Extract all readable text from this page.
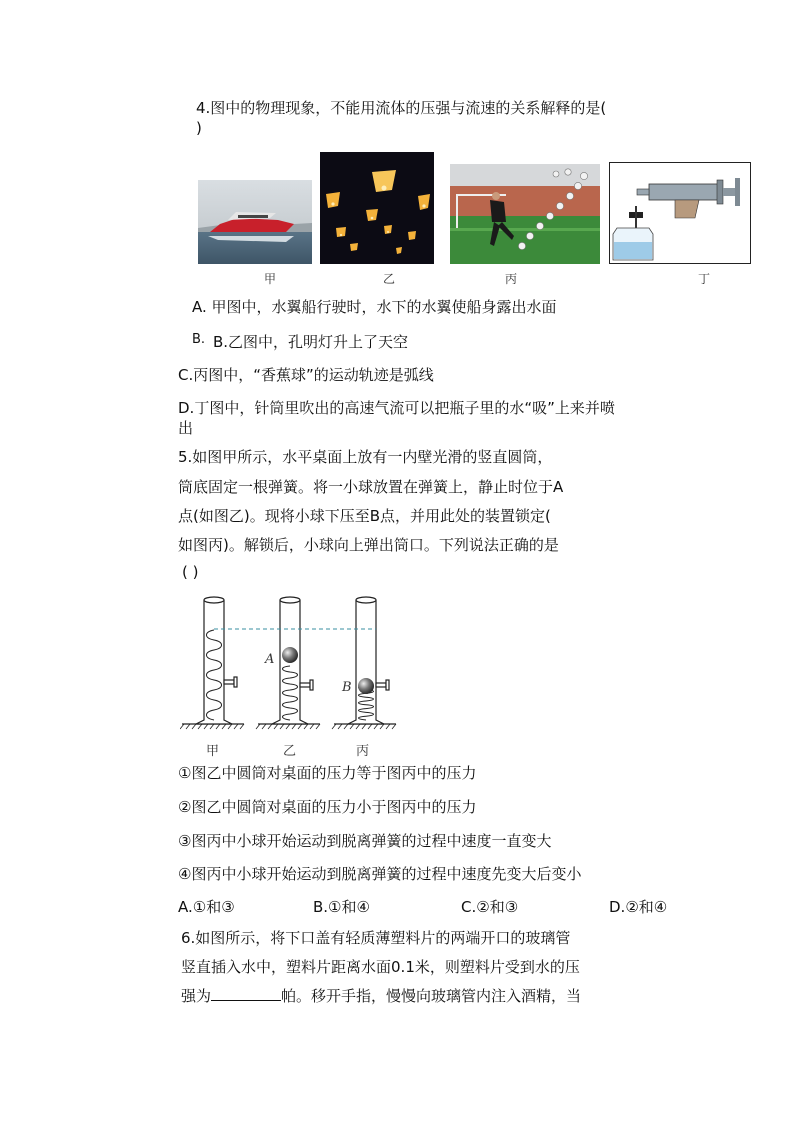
4.图中的物理现象，不能用流体的压强与流速的关系解释的是(
)
甲	乙	丙	丁
A. 甲图中，水翼船行驶时，水下的水翼使船身露出水面
B. B.乙图中，孔明灯升上了天空
C.丙图中，“香蕉球”的运动轨迹是弧线
D.丁图中，针筒里吹出的高速气流可以把瓶子里的水“吸”上来并喷
出
5.如图甲所示，水平桌面上放有一内壁光滑的竖直圆筒，
筒底固定一根弹簧。将一小球放置在弹簧上，静止时位于A
点(如图乙)。现将小球下压至B点，并用此处的装置锁定(
如图丙)。解锁后，小球向上弹出筒口。下列说法正确的是
( )
A
B
甲	乙	丙
①图乙中圆筒对桌面的压力等于图丙中的压力
②图乙中圆筒对桌面的压力小于图丙中的压力
③图丙中小球开始运动到脱离弹簧的过程中速度一直变大
④图丙中小球开始运动到脱离弹簧的过程中速度先变大后变小
A.①和③	B.①和④	C.②和③	D.②和④
6.如图所示，将下口盖有轻质薄塑料片的两端开口的玻璃管
竖直插入水中，塑料片距离水面0.1米，则塑料片受到水的压
强为	帕。移开手指，慢慢向玻璃管内注入酒精，当
